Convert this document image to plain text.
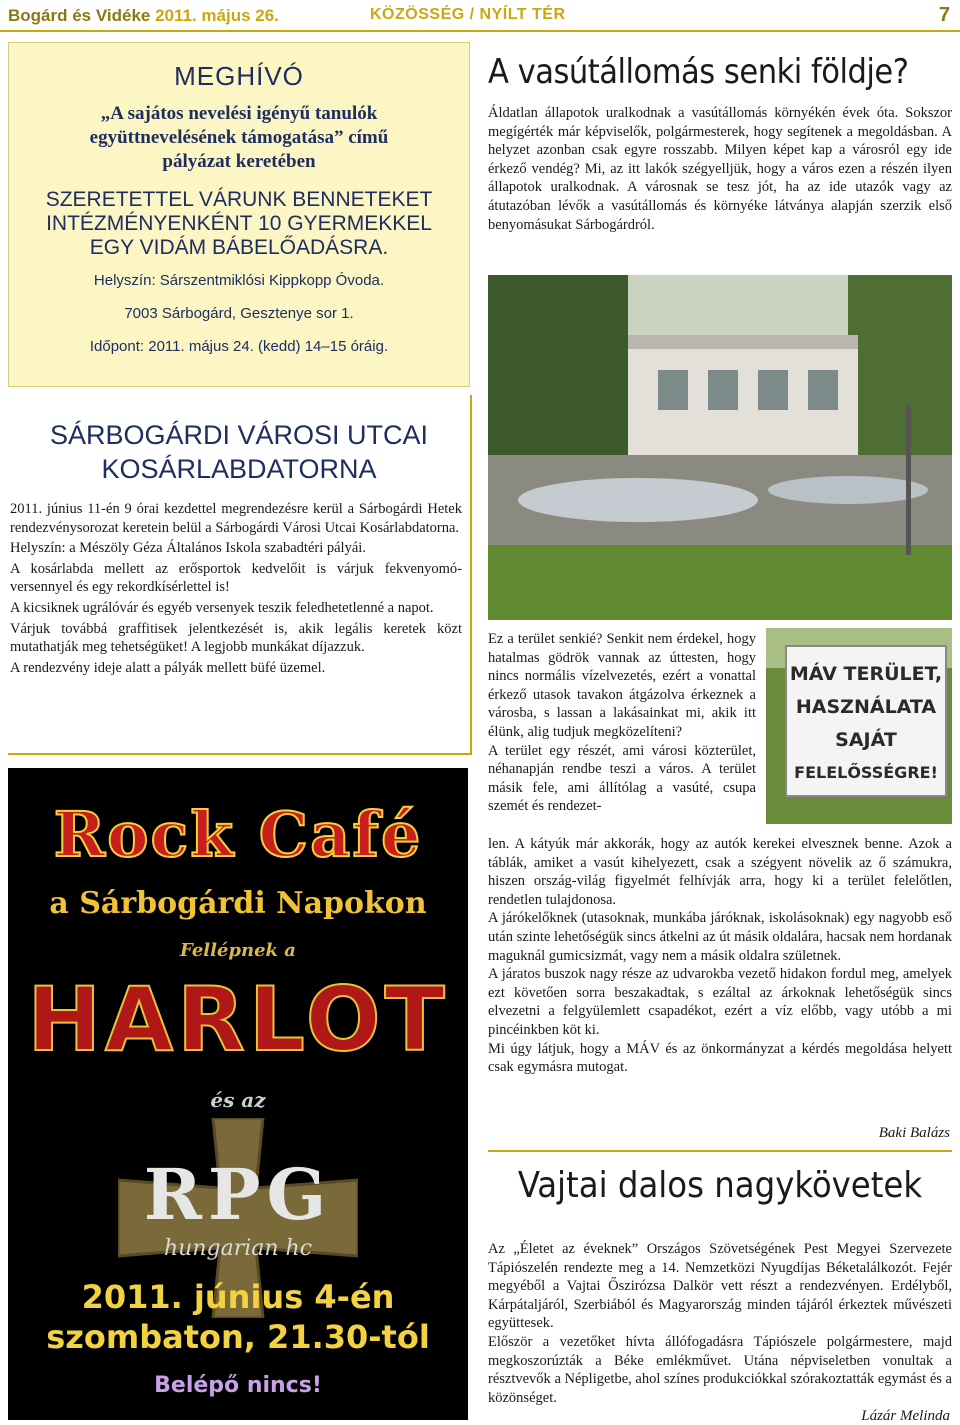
Bogárd és Vidéke 2011. május 26.	KÖZÖSSÉG / NYÍLT TÉR	7
MEGHÍVÓ
„A sajátos nevelési igényű tanulók
együttnevelésének támogatása” című
pályázat keretében
SZERETETTEL VÁRUNK BENNETEKET
INTÉZMÉNYENKÉNT 10 GYERMEKKEL
EGY VIDÁM BÁBELŐADÁSRA.
Helyszín: Sárszentmiklósi Kippkopp Óvoda.
7003 Sárbogárd, Gesztenye sor 1.
Időpont: 2011. május 24. (kedd) 14–15 óráig.
SÁRBOGÁRDI VÁROSI UTCAI
KOSÁRLABDATORNA

2011. június 11-én 9 órai kezdettel megrendezésre kerül a Sárbogárdi Hetek rendezvénysorozat keretein belül a Sárbogárdi Városi Utcai Kosárlabdatorna.

Helyszín: a Mészöly Géza Általános Iskola szabadtéri pályái.

A kosárlabda mellett az erősportok kedvelőit is várjuk fekvenyomó-versennyel és egy rekordkísérlettel is!

A kicsiknek ugrálóvár és egyéb versenyek teszik feledhetetlenné a napot.

Várjuk továbbá graffitisek jelentkezését is, akik legális keretek közt mutathatják meg tehetségüket! A legjobb munkákat díjazzuk.

A rendezvény ideje alatt a pályák mellett büfé üzemel.

Rock Café
a Sárbogárdi Napokon
Fellépnek a
HARLOT
és az
RPG
hungarian hc
2011. június 4-én
szombaton, 21.30-tól
Belépő nincs!
A vasútállomás senki földje?
Áldatlan állapotok uralkodnak a vasútállomás környékén évek óta. Sokszor megígérték már képviselők, polgármesterek, hogy segítenek a megoldásban. A helyzet azonban csak egyre rosszabb. Milyen képet kap a városról egy ide érkező vendég? Mi, az itt lakók szégyelljük, hogy a város ezen a részén ilyen állapotok uralkodnak. A városnak se tesz jót, ha az ide utazók vagy az átutazóban lévők a vasútállomás és környéke látványa alapján szerzik első benyomásukat Sárbogárdról.
MÁV TERÜLET,
HASZNÁLATA
SAJÁT
FELELŐSSÉGRE!

Ez a terület senkié? Senkit nem érdekel, hogy hatalmas gödrök vannak az úttesten, hogy nincs normális vízelvezetés, ezért a vonattal érkező utasok tavakon átgázolva érkeznek a városba, s lassan a lakásainkat mi, akik itt élünk, alig tudjuk megközelíteni?

A terület egy részét, ami városi közterület, néhanapján rendbe teszi a város. A terület másik fele, ami állítólag a vasúté, csupa szemét és rendezet-

len. A kátyúk már akkorák, hogy az autók kerekei elvesznek benne. Azok a táblák, amiket a vasút kihelyezett, csak a szégyent növelik az ő számukra, hiszen ország-világ figyelmét felhívják arra, hogy ki a terület felelőtlen, rendetlen tulajdonosa.

A járókelőknek (utasoknak, munkába járóknak, iskolásoknak) egy nagyobb eső után szinte lehetőségük sincs átkelni az út másik oldalára, hacsak nem hordanak maguknál gumicsizmát, vagy nem a másik oldalra születnek.

A járatos buszok nagy része az udvarokba vezető hidakon fordul meg, amelyek ezt követően sorra beszakadtak, s ezáltal az árkoknak lehetőségük sincs elvezetni a felgyülemlett csapadékot, ezért a víz előbb, vagy utóbb a mi pincéinkben köt ki.

Mi úgy látjuk, hogy a MÁV és az önkormányzat a kérdés megoldása helyett csak egymásra mutogat.

Baki Balázs
Vajtai dalos nagykövetek

Az „Életet az éveknek” Országos Szövetségének Pest Megyei Szervezete Tápiószelén rendezte meg a 14. Nemzetközi Nyugdíjas Béketalálkozót. Fejér megyéből a Vajtai Őszirózsa Dalkör vett részt a rendezvényen. Erdélyből, Kárpátaljáról, Szerbiából és Magyarország minden tájáról érkeztek művészeti együttesek.

Először a vezetőket hívta állófogadásra Tápiószele polgármestere, majd megkoszorúzták a Béke emlékművet. Utána népviseletben vonultak a résztvevők a Népligetbe, ahol színes produkciókkal szórakoztatták egymást és a közönséget.

Lázár Melinda
